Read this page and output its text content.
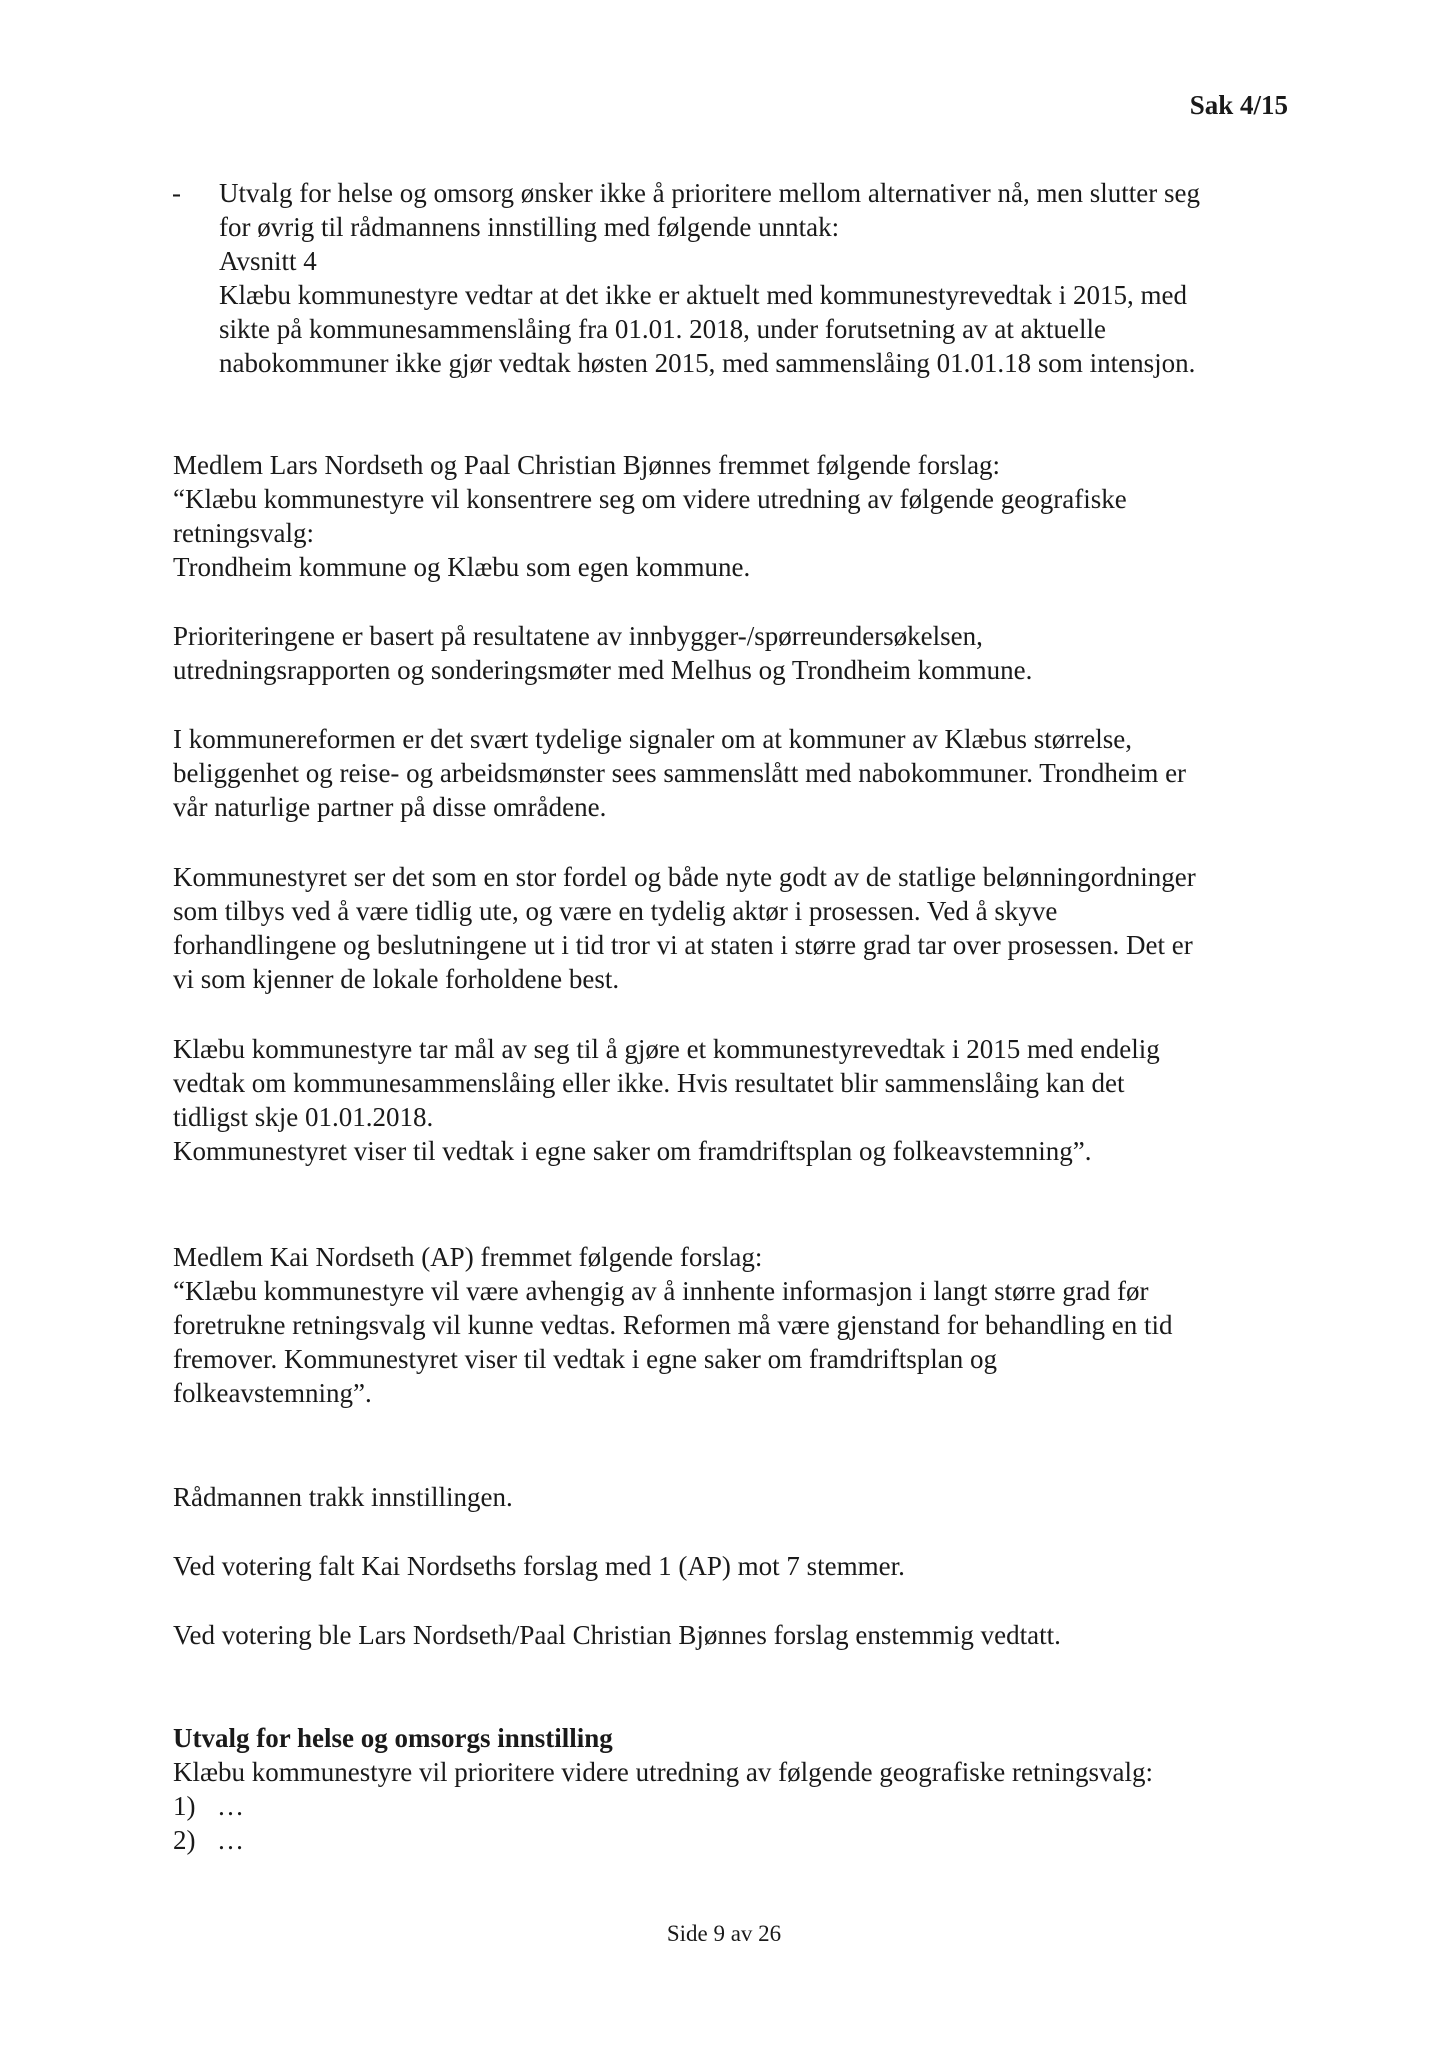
Sak 4/15
- Utvalg for helse og omsorg ønsker ikke å prioritere mellom alternativer nå, men slutter seg

for øvrig til rådmannens innstilling med følgende unntak:

Avsnitt 4

Klæbu kommunestyre vedtar at det ikke er aktuelt med kommunestyrevedtak i 2015, med

sikte på kommunesammenslåing fra 01.01. 2018, under forutsetning av at aktuelle

nabokommuner ikke gjør vedtak høsten 2015, med sammenslåing 01.01.18 som intensjon.

Medlem Lars Nordseth og Paal Christian Bjønnes fremmet følgende forslag:

“Klæbu kommunestyre vil konsentrere seg om videre utredning av følgende geografiske

retningsvalg:

Trondheim kommune og Klæbu som egen kommune.

Prioriteringene er basert på resultatene av innbygger-/spørreundersøkelsen,

utredningsrapporten og sonderingsmøter med Melhus og Trondheim kommune.

I kommunereformen er det svært tydelige signaler om at kommuner av Klæbus størrelse,

beliggenhet og reise- og arbeidsmønster sees sammenslått med nabokommuner. Trondheim er

vår naturlige partner på disse områdene.

Kommunestyret ser det som en stor fordel og både nyte godt av de statlige belønningordninger

som tilbys ved å være tidlig ute, og være en tydelig aktør i prosessen. Ved å skyve

forhandlingene og beslutningene ut i tid tror vi at staten i større grad tar over prosessen. Det er

vi som kjenner de lokale forholdene best.

Klæbu kommunestyre tar mål av seg til å gjøre et kommunestyrevedtak i 2015 med endelig

vedtak om kommunesammenslåing eller ikke. Hvis resultatet blir sammenslåing kan det

tidligst skje 01.01.2018.

Kommunestyret viser til vedtak i egne saker om framdriftsplan og folkeavstemning”.

Medlem Kai Nordseth (AP) fremmet følgende forslag:

“Klæbu kommunestyre vil være avhengig av å innhente informasjon i langt større grad før

foretrukne retningsvalg vil kunne vedtas. Reformen må være gjenstand for behandling en tid

fremover. Kommunestyret viser til vedtak i egne saker om framdriftsplan og

folkeavstemning”.

Rådmannen trakk innstillingen.

Ved votering falt Kai Nordseths forslag med 1 (AP) mot 7 stemmer.

Ved votering ble Lars Nordseth/Paal Christian Bjønnes forslag enstemmig vedtatt.

Utvalg for helse og omsorgs innstilling

Klæbu kommunestyre vil prioritere videre utredning av følgende geografiske retningsvalg:

1) …

2) …

Side 9 av 26
